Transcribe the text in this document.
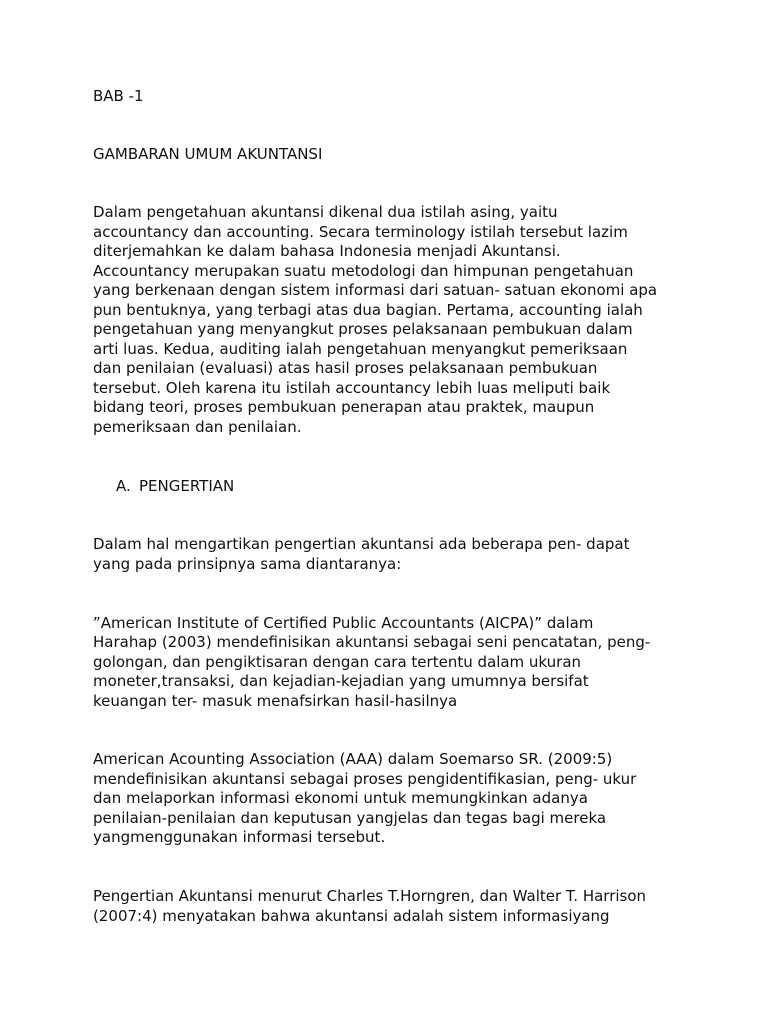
BAB -1

GAMBARAN UMUM AKUNTANSI

Dalam pengetahuan akuntansi dikenal dua istilah asing, yaitu

accountancy dan accounting. Secara terminology istilah tersebut lazim

diterjemahkan ke dalam bahasa Indonesia menjadi Akuntansi.

Accountancy merupakan suatu metodologi dan himpunan pengetahuan

yang berkenaan dengan sistem informasi dari satuan- satuan ekonomi apa

pun bentuknya, yang terbagi atas dua bagian. Pertama, accounting ialah

pengetahuan yang menyangkut proses pelaksanaan pembukuan dalam

arti luas. Kedua, auditing ialah pengetahuan menyangkut pemeriksaan

dan penilaian (evaluasi) atas hasil proses pelaksanaan pembukuan

tersebut. Oleh karena itu istilah accountancy lebih luas meliputi baik

bidang teori, proses pembukuan penerapan atau praktek, maupun

pemeriksaan dan penilaian.

A. PENGERTIAN

Dalam hal mengartikan pengertian akuntansi ada beberapa pen- dapat

yang pada prinsipnya sama diantaranya:

”American Institute of Certified Public Accountants (AICPA)” dalam

Harahap (2003) mendefinisikan akuntansi sebagai seni pencatatan, peng-

golongan, dan pengiktisaran dengan cara tertentu dalam ukuran

moneter,transaksi, dan kejadian-kejadian yang umumnya bersifat

keuangan ter- masuk menafsirkan hasil-hasilnya

American Acounting Association (AAA) dalam Soemarso SR. (2009:5)

mendefinisikan akuntansi sebagai proses pengidentifikasian, peng- ukur

dan melaporkan informasi ekonomi untuk memungkinkan adanya

penilaian-penilaian dan keputusan yangjelas dan tegas bagi mereka

yangmenggunakan informasi tersebut.

Pengertian Akuntansi menurut Charles T.Horngren, dan Walter T. Harrison

(2007:4) menyatakan bahwa akuntansi adalah sistem informasiyang
